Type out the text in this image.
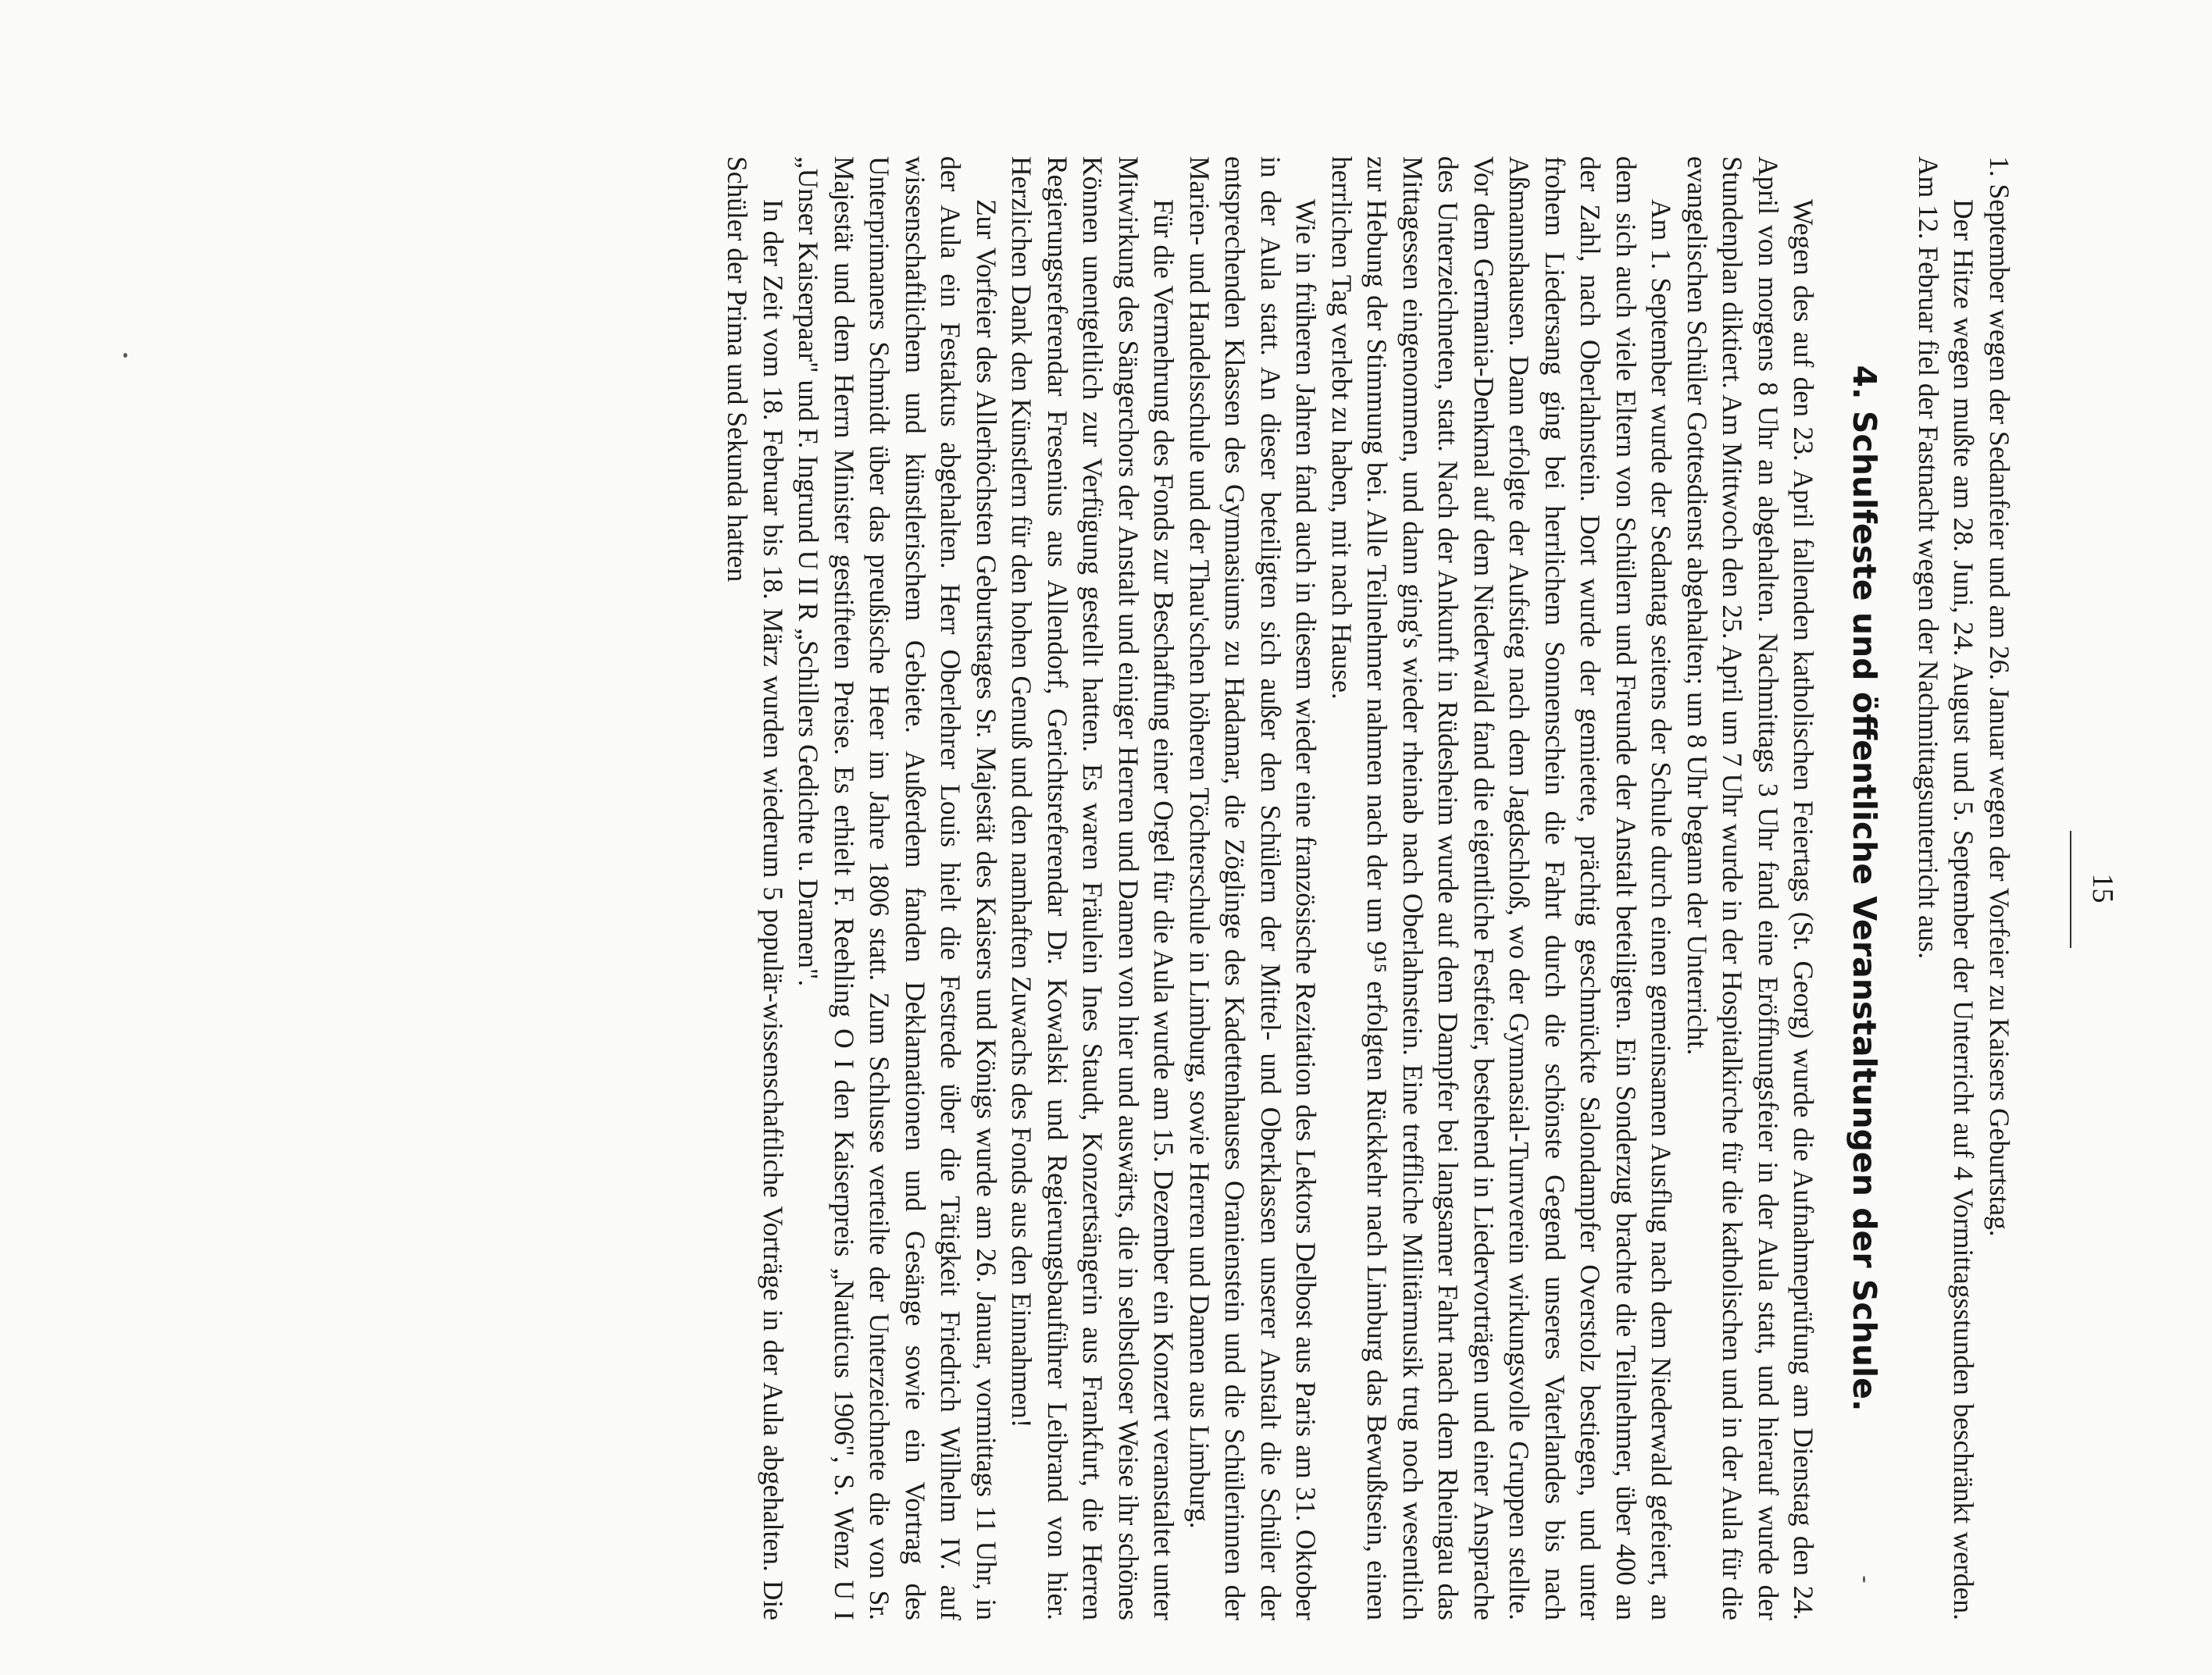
15

1. September wegen der Sedanfeier und am 26. Januar wegen der Vorfeier zu Kaisers Geburtstag.

Der Hitze wegen mußte am 28. Juni, 24. August und 5. September der Unterricht auf 4 Vormittagsstunden beschränkt werden. Am 12. Februar fiel der Fastnacht wegen der Nachmittagsunterricht aus.

4. Schulfeste und öffentliche Veranstaltungen der Schule.

Wegen des auf den 23. April fallenden katholischen Feiertags (St. Georg) wurde die Aufnahmeprüfung am Dienstag den 24. April von morgens 8 Uhr an abgehalten. Nachmittags 3 Uhr fand eine Eröffnungsfeier in der Aula statt, und hierauf wurde der Stundenplan diktiert. Am Mittwoch den 25. April um 7 Uhr wurde in der Hospitalkirche für die katholischen und in der Aula für die evangelischen Schüler Gottesdienst abgehalten; um 8 Uhr begann der Unterricht.

Am 1. September wurde der Sedantag seitens der Schule durch einen gemeinsamen Ausflug nach dem Niederwald gefeiert, an dem sich auch viele Eltern von Schülern und Freunde der Anstalt beteiligten. Ein Sonderzug brachte die Teilnehmer, über 400 an der Zahl, nach Oberlahnstein. Dort wurde der gemietete, prächtig geschmückte Salondampfer Overstolz bestiegen, und unter frohem Liedersang ging bei herrlichem Sonnenschein die Fahrt durch die schönste Gegend unseres Vaterlandes bis nach Aßmannshausen. Dann erfolgte der Aufstieg nach dem Jagdschloß, wo der Gymnasial-Turnverein wirkungsvolle Gruppen stellte. Vor dem Germania-Denkmal auf dem Niederwald fand die eigentliche Festfeier, bestehend in Liedervorträgen und einer Ansprache des Unterzeichneten, statt. Nach der Ankunft in Rüdesheim wurde auf dem Dampfer bei langsamer Fahrt nach dem Rheingau das Mittagessen eingenommen, und dann ging's wieder rheinab nach Oberlahnstein. Eine treffliche Militärmusik trug noch wesentlich zur Hebung der Stimmung bei. Alle Teilnehmer nahmen nach der um 9¹⁵ erfolgten Rückkehr nach Limburg das Bewußtsein, einen herrlichen Tag verlebt zu haben, mit nach Hause.

Wie in früheren Jahren fand auch in diesem wieder eine französische Rezitation des Lektors Delbost aus Paris am 31. Oktober in der Aula statt. An dieser beteiligten sich außer den Schülern der Mittel- und Oberklassen unserer Anstalt die Schüler der entsprechenden Klassen des Gymnasiums zu Hadamar, die Zöglinge des Kadettenhauses Oranienstein und die Schülerinnen der Marien- und Handelsschule und der Thau'schen höheren Töchterschule in Limburg, sowie Herren und Damen aus Limburg.

Für die Vermehrung des Fonds zur Beschaffung einer Orgel für die Aula wurde am 15. Dezember ein Konzert veranstaltet unter Mitwirkung des Sängerchors der Anstalt und einiger Herren und Damen von hier und auswärts, die in selbstloser Weise ihr schönes Können unentgeltlich zur Verfügung gestellt hatten. Es waren Fräulein Ines Staudt, Konzertsängerin aus Frankfurt, die Herren Regierungsreferendar Fresenius aus Allendorf, Gerichtsreferendar Dr. Kowalski und Regierungsbauführer Leibrand von hier. Herzlichen Dank den Künstlern für den hohen Genuß und den namhaften Zuwachs des Fonds aus den Einnahmen!

Zur Vorfeier des Allerhöchsten Geburtstages Sr. Majestät des Kaisers und Königs wurde am 26. Januar, vormittags 11 Uhr, in der Aula ein Festaktus abgehalten. Herr Oberlehrer Louis hielt die Festrede über die Tätigkeit Friedrich Wilhelm IV. auf wissenschaftlichem und künstlerischem Gebiete. Außerdem fanden Deklamationen und Gesänge sowie ein Vortrag des Unterprimaners Schmidt über das preußische Heer im Jahre 1806 statt. Zum Schlusse verteilte der Unterzeichnete die von Sr. Majestät und dem Herrn Minister gestifteten Preise. Es erhielt F. Reehling O I den Kaiserpreis „Nauticus 1906", S. Wenz U I „Unser Kaiserpaar" und F. Ingrund U II R „Schillers Gedichte u. Dramen".

In der Zeit vom 18. Februar bis 18. März wurden wiederum 5 populär-wissenschaftliche Vorträge in der Aula abgehalten. Die Schüler der Prima und Sekunda hatten
